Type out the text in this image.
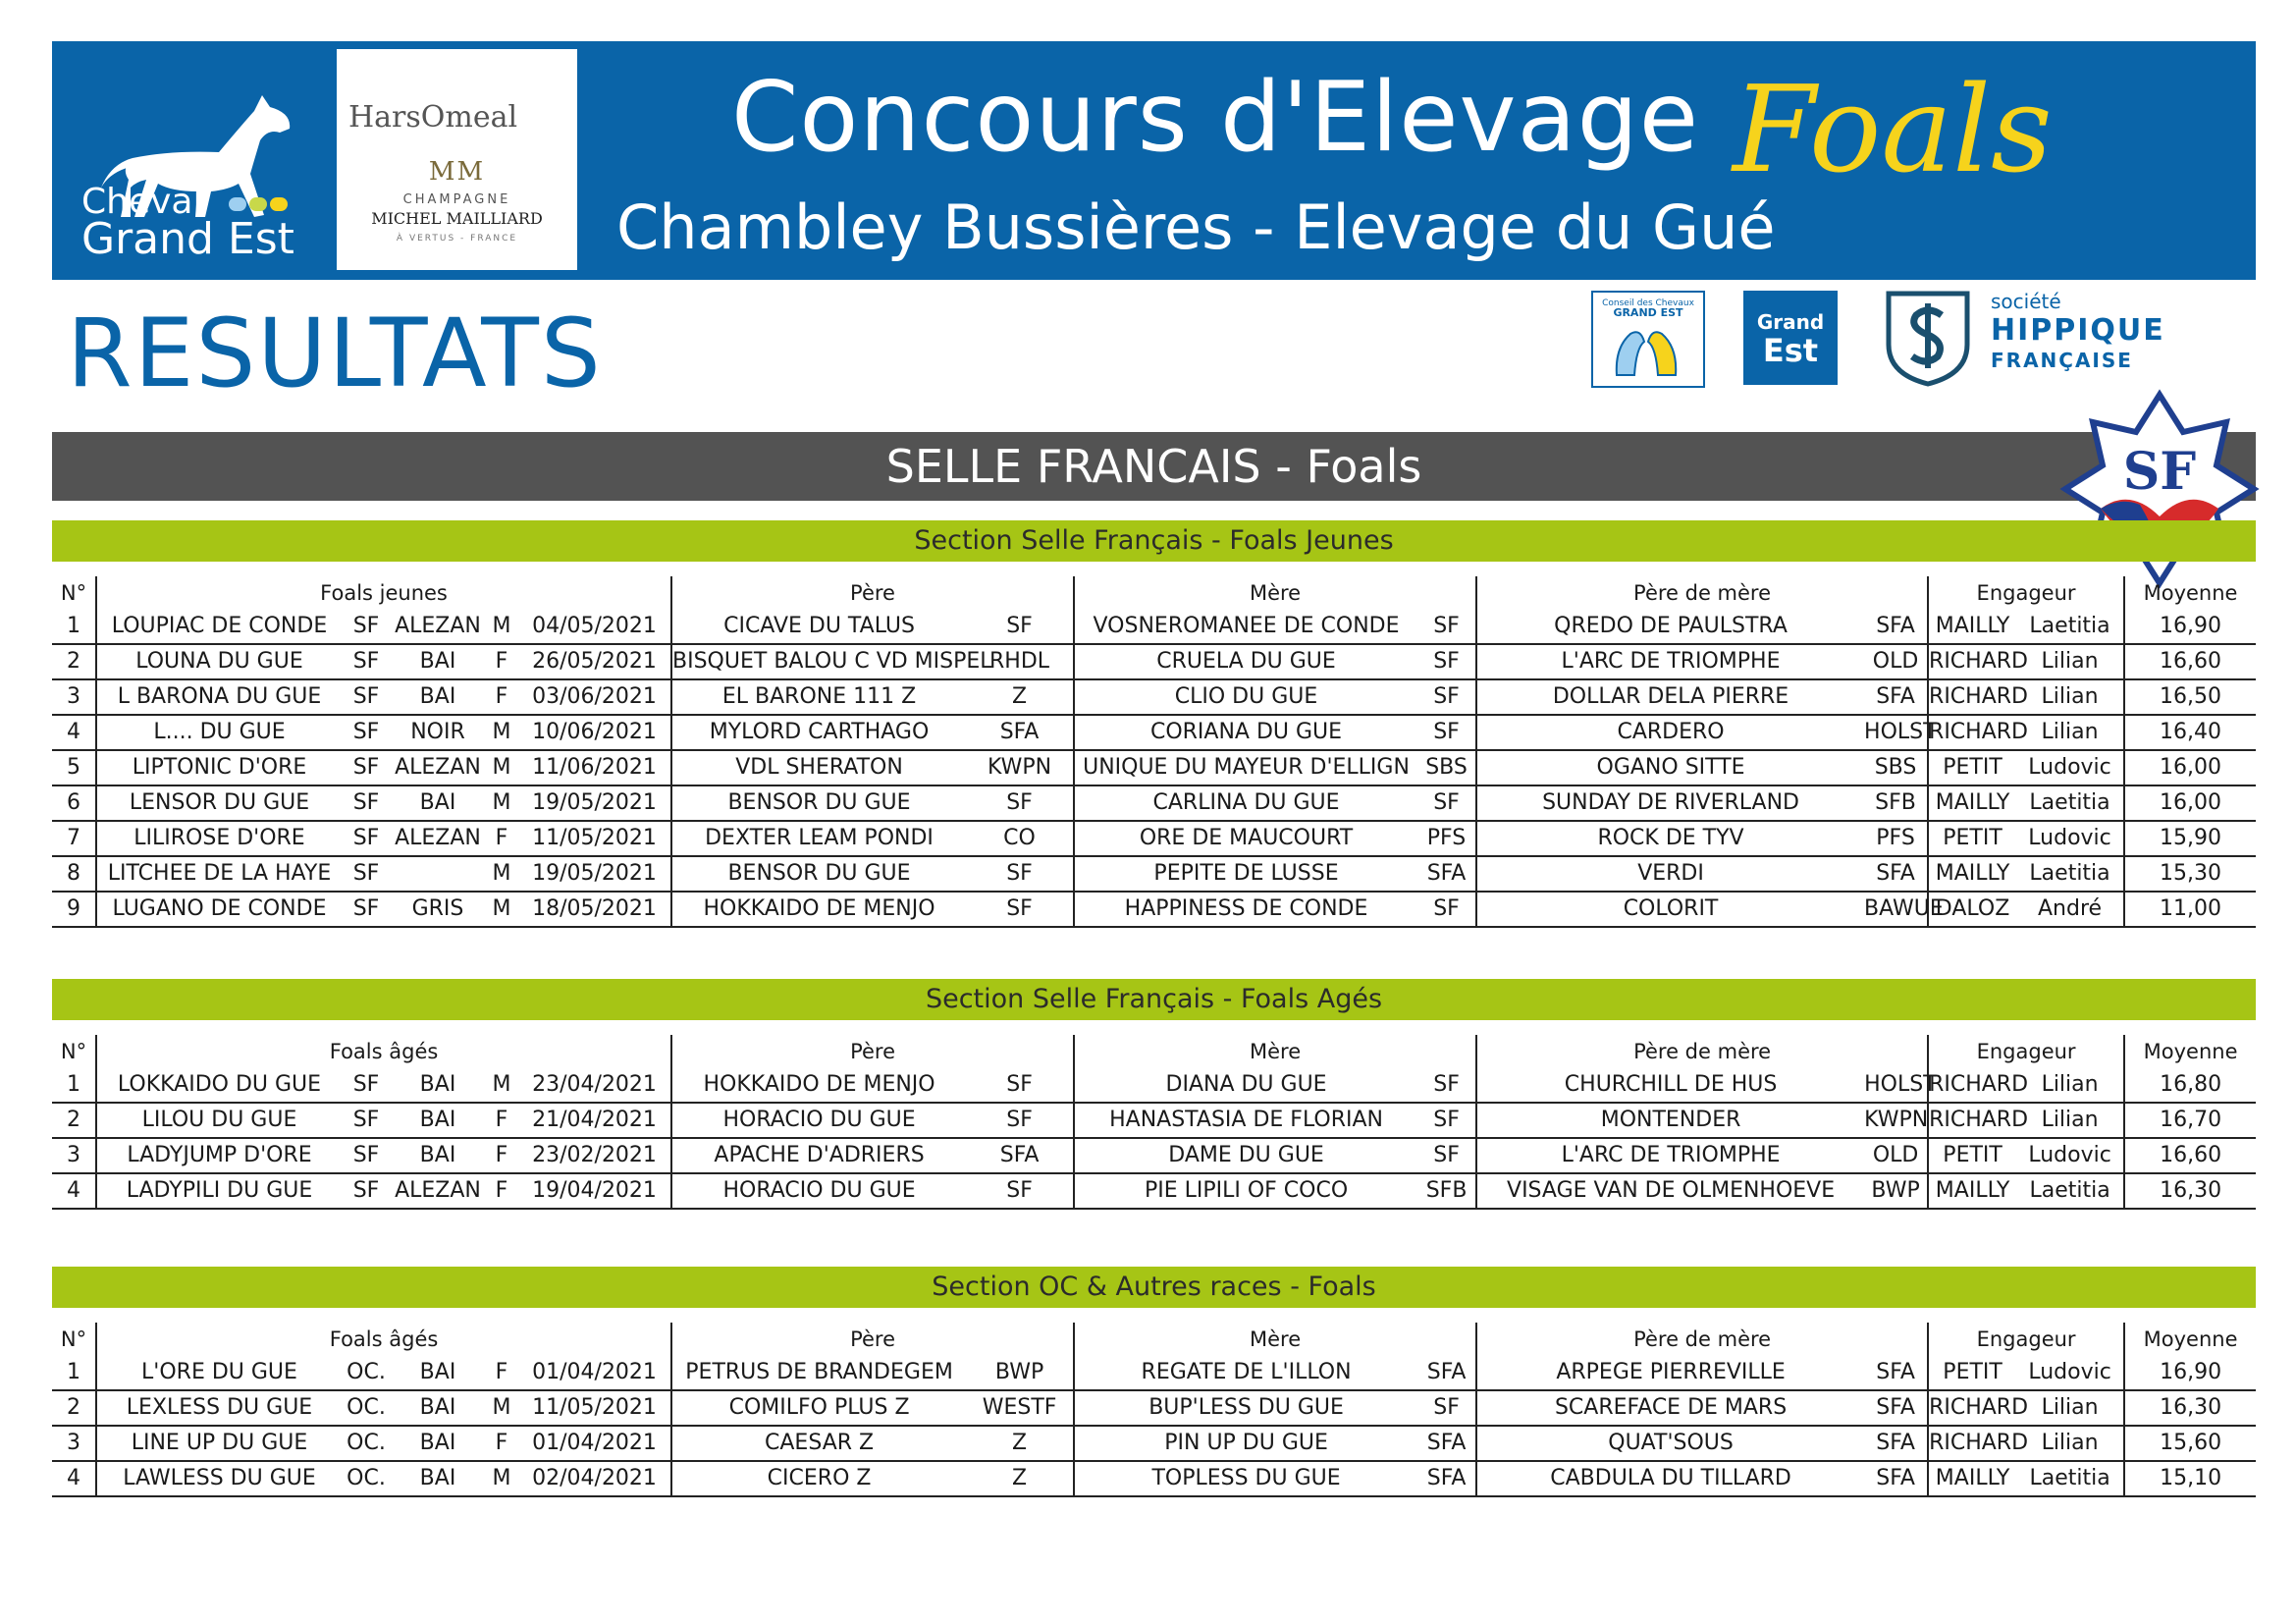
Cheval
Grand Est
HarsOmeal
MM
CHAMPAGNE
MICHEL MAILLIARD
À VERTUS - FRANCE
Concours d'Elevage Foals
Chambley Bussières - Elevage du Gué
RESULTATS	Conseil des Chevaux
GRAND EST	Grand
Est
société
HIPPIQUE
FRANÇAISE
SELLE FRANCAIS - Foals	SF
Section Selle Français - Foals Jeunes
N°	Foals jeunes					Père		Mère		Père de mère		Engageur		Moyenne
1	LOUPIAC DE CONDE	SF	ALEZAN	M	04/05/2021	CICAVE DU TALUS	SF	VOSNEROMANEE DE CONDE	SF	QREDO DE PAULSTRA	SFA	MAILLY	Laetitia	16,90
2	LOUNA DU GUE	SF	BAI	F	26/05/2021	BISQUET BALOU C VD MISPEL	RHDL	CRUELA DU GUE	SF	L'ARC DE TRIOMPHE	OLD	RICHARD	Lilian	16,60
3	L BARONA DU GUE	SF	BAI	F	03/06/2021	EL BARONE 111 Z	Z	CLIO DU GUE	SF	DOLLAR DELA PIERRE	SFA	RICHARD	Lilian	16,50
4	L.... DU GUE	SF	NOIR	M	10/06/2021	MYLORD CARTHAGO	SFA	CORIANA DU GUE	SF	CARDERO	HOLST	RICHARD	Lilian	16,40
5	LIPTONIC D'ORE	SF	ALEZAN	M	11/06/2021	VDL SHERATON	KWPN	UNIQUE DU MAYEUR D'ELLIGN	SBS	OGANO SITTE	SBS	PETIT	Ludovic	16,00
6	LENSOR DU GUE	SF	BAI	M	19/05/2021	BENSOR DU GUE	SF	CARLINA DU GUE	SF	SUNDAY DE RIVERLAND	SFB	MAILLY	Laetitia	16,00
7	LILIROSE D'ORE	SF	ALEZAN	F	11/05/2021	DEXTER LEAM PONDI	CO	ORE DE MAUCOURT	PFS	ROCK DE TYV	PFS	PETIT	Ludovic	15,90
8	LITCHEE DE LA HAYE	SF		M	19/05/2021	BENSOR DU GUE	SF	PEPITE DE LUSSE	SFA	VERDI	SFA	MAILLY	Laetitia	15,30
9	LUGANO DE CONDE	SF	GRIS	M	18/05/2021	HOKKAIDO DE MENJO	SF	HAPPINESS DE CONDE	SF	COLORIT	BAWUE	DALOZ	André	11,00
Section Selle Français - Foals Agés
N°	Foals âgés					Père		Mère		Père de mère		Engageur		Moyenne
1	LOKKAIDO DU GUE	SF	BAI	M	23/04/2021	HOKKAIDO DE MENJO	SF	DIANA DU GUE	SF	CHURCHILL DE HUS	HOLST	RICHARD	Lilian	16,80
2	LILOU DU GUE	SF	BAI	F	21/04/2021	HORACIO DU GUE	SF	HANASTASIA DE FLORIAN	SF	MONTENDER	KWPN	RICHARD	Lilian	16,70
3	LADYJUMP D'ORE	SF	BAI	F	23/02/2021	APACHE D'ADRIERS	SFA	DAME DU GUE	SF	L'ARC DE TRIOMPHE	OLD	PETIT	Ludovic	16,60
4	LADYPILI DU GUE	SF	ALEZAN	F	19/04/2021	HORACIO DU GUE	SF	PIE LIPILI OF COCO	SFB	VISAGE VAN DE OLMENHOEVE	BWP	MAILLY	Laetitia	16,30
Section OC & Autres races - Foals
N°	Foals âgés					Père		Mère		Père de mère		Engageur		Moyenne
1	L'ORE DU GUE	OC.	BAI	F	01/04/2021	PETRUS DE BRANDEGEM	BWP	REGATE DE L'ILLON	SFA	ARPEGE PIERREVILLE	SFA	PETIT	Ludovic	16,90
2	LEXLESS DU GUE	OC.	BAI	M	11/05/2021	COMILFO PLUS Z	WESTF	BUP'LESS DU GUE	SF	SCAREFACE DE MARS	SFA	RICHARD	Lilian	16,30
3	LINE UP DU GUE	OC.	BAI	F	01/04/2021	CAESAR Z	Z	PIN UP DU GUE	SFA	QUAT'SOUS	SFA	RICHARD	Lilian	15,60
4	LAWLESS DU GUE	OC.	BAI	M	02/04/2021	CICERO Z	Z	TOPLESS DU GUE	SFA	CABDULA DU TILLARD	SFA	MAILLY	Laetitia	15,10
